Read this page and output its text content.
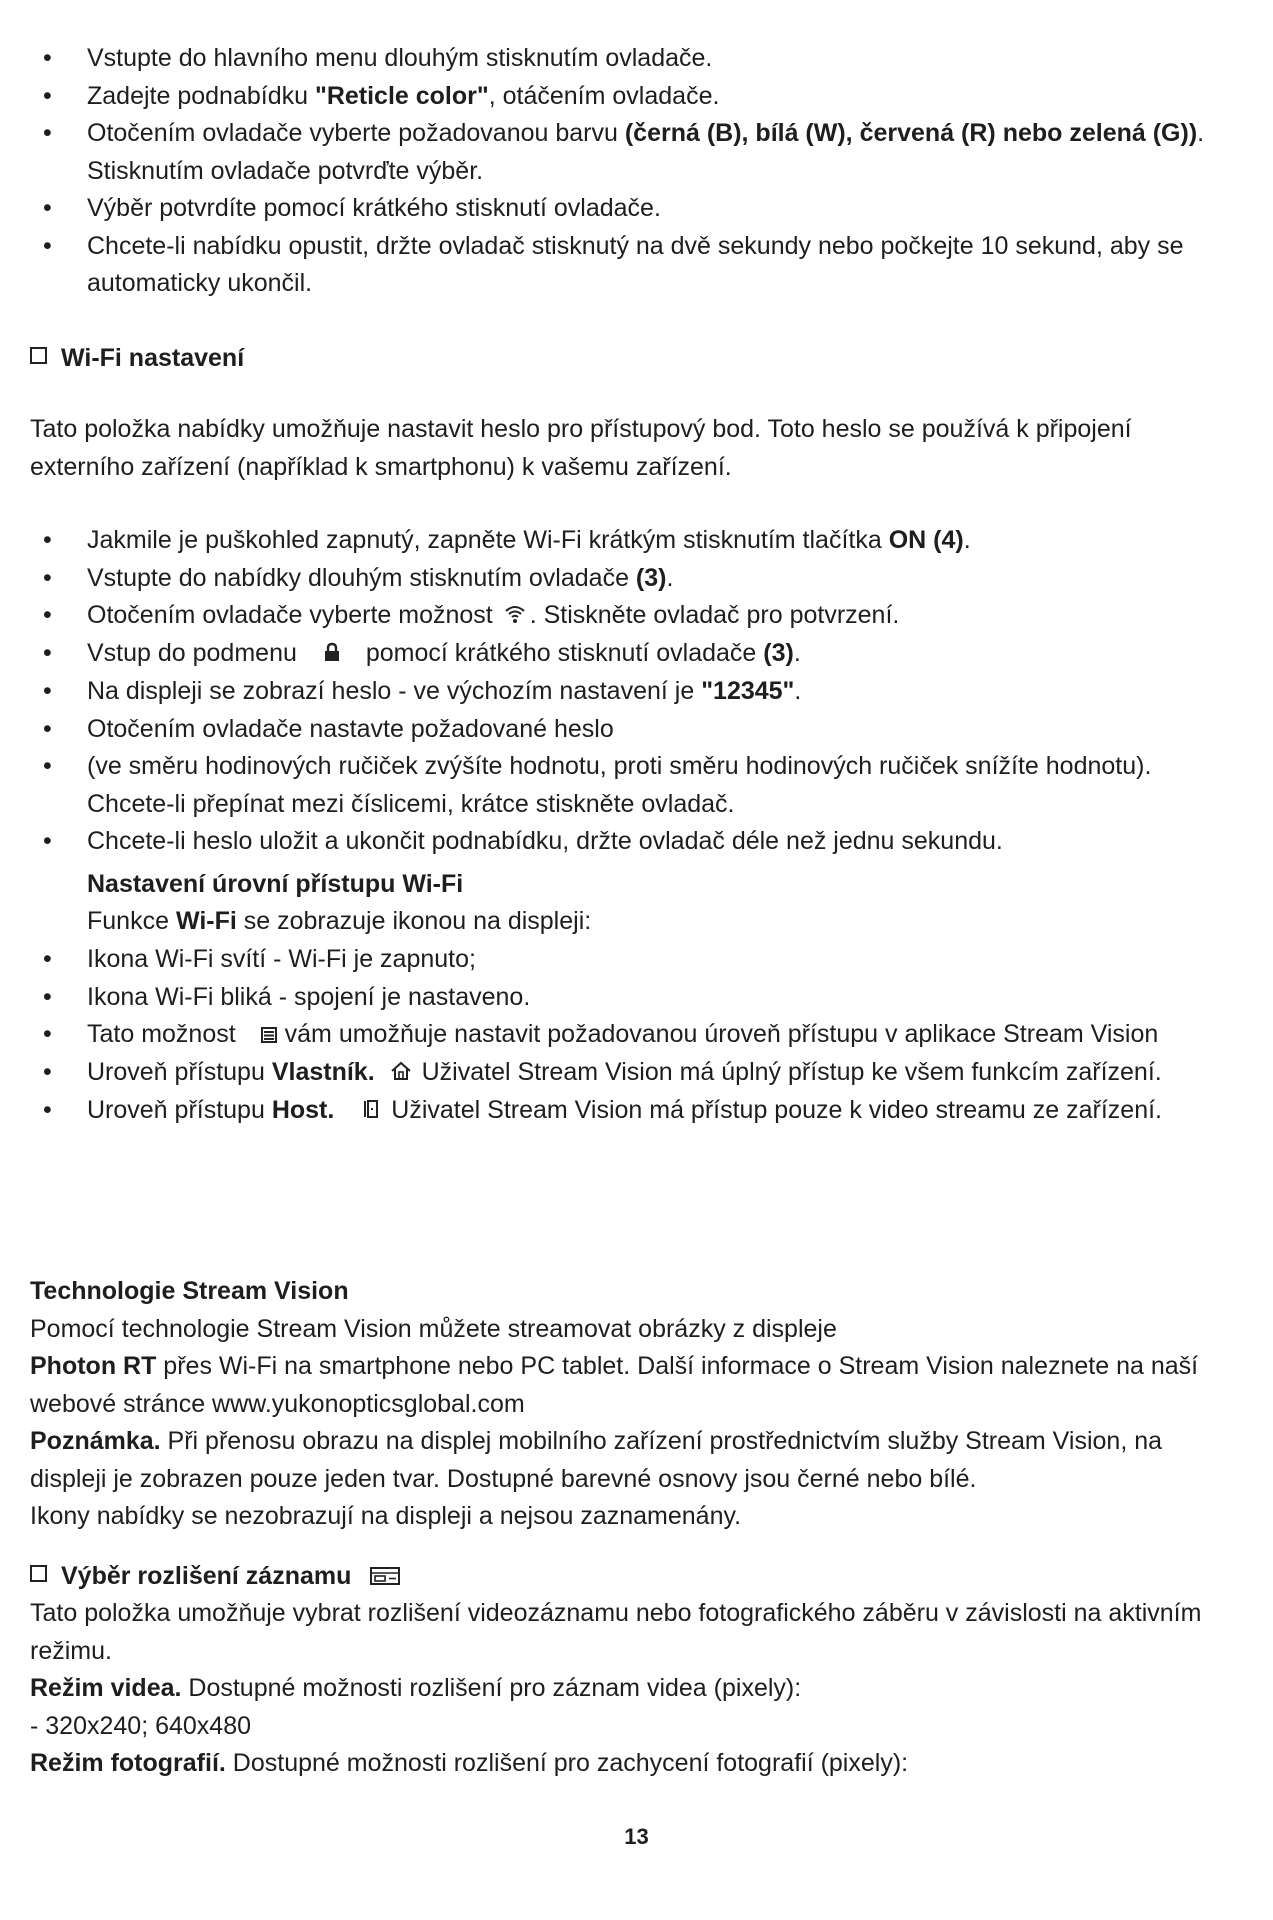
• Vstupte do hlavního menu dlouhým stisknutím ovladače.
• Zadejte podnabídku "Reticle color", otáčením ovladače.
• Otočením ovladače vyberte požadovanou barvu (černá (B), bílá (W), červená (R) nebo zelená (G)). Stisknutím ovladače potvrďte výběr.
• Výběr potvrdíte pomocí krátkého stisknutí ovladače.
• Chcete-li nabídku opustit, držte ovladač stisknutý na dvě sekundy nebo počkejte 10 sekund, aby se automaticky ukončil.
Wi-Fi nastavení
Tato položka nabídky umožňuje nastavit heslo pro přístupový bod. Toto heslo se používá k připojení externího zařízení (například k smartphonu) k vašemu zařízení.
• Jakmile je puškohled zapnutý, zapněte Wi-Fi krátkým stisknutím tlačítka ON (4).
• Vstupte do nabídky dlouhým stisknutím ovladače (3).
• Otočením ovladače vyberte možnost . Stiskněte ovladač pro potvrzení.
• Vstup do podmenu	pomocí krátkého stisknutí ovladače (3).
• Na displeji se zobrazí heslo - ve výchozím nastavení je "12345".
• Otočením ovladače nastavte požadované heslo
• (ve směru hodinových ručiček zvýšíte hodnotu, proti směru hodinových ručiček snížíte hodnotu). Chcete-li přepínat mezi číslicemi, krátce stiskněte ovladač.
• Chcete-li heslo uložit a ukončit podnabídku, držte ovladač déle než jednu sekundu.
Nastavení úrovní přístupu Wi-Fi
Funkce Wi-Fi se zobrazuje ikonou na displeji:
• Ikona Wi-Fi svítí - Wi-Fi je zapnuto;
• Ikona Wi-Fi bliká - spojení je nastaveno.
• Tato možnost vám umožňuje nastavit požadovanou úroveň přístupu v aplikace Stream Vision
• Uroveň přístupu Vlastník. Uživatel Stream Vision má úplný přístup ke všem funkcím zařízení.
• Uroveň přístupu Host. Uživatel Stream Vision má přístup pouze k video streamu ze zařízení.
Technologie Stream Vision
Pomocí technologie Stream Vision můžete streamovat obrázky z displeje
Photon RT přes Wi-Fi na smartphone nebo PC tablet. Další informace o Stream Vision naleznete na naší webové stránce www.yukonopticsglobal.com
Poznámka. Při přenosu obrazu na displej mobilního zařízení prostřednictvím služby Stream Vision, na displeji je zobrazen pouze jeden tvar. Dostupné barevné osnovy jsou černé nebo bílé.
Ikony nabídky se nezobrazují na displeji a nejsou zaznamenány.
Výběr rozlišení záznamu
Tato položka umožňuje vybrat rozlišení videozáznamu nebo fotografického záběru v závislosti na aktivním režimu.
Režim videa. Dostupné možnosti rozlišení pro záznam videa (pixely):
- 320x240; 640x480
Režim fotografií. Dostupné možnosti rozlišení pro zachycení fotografií (pixely):
13
